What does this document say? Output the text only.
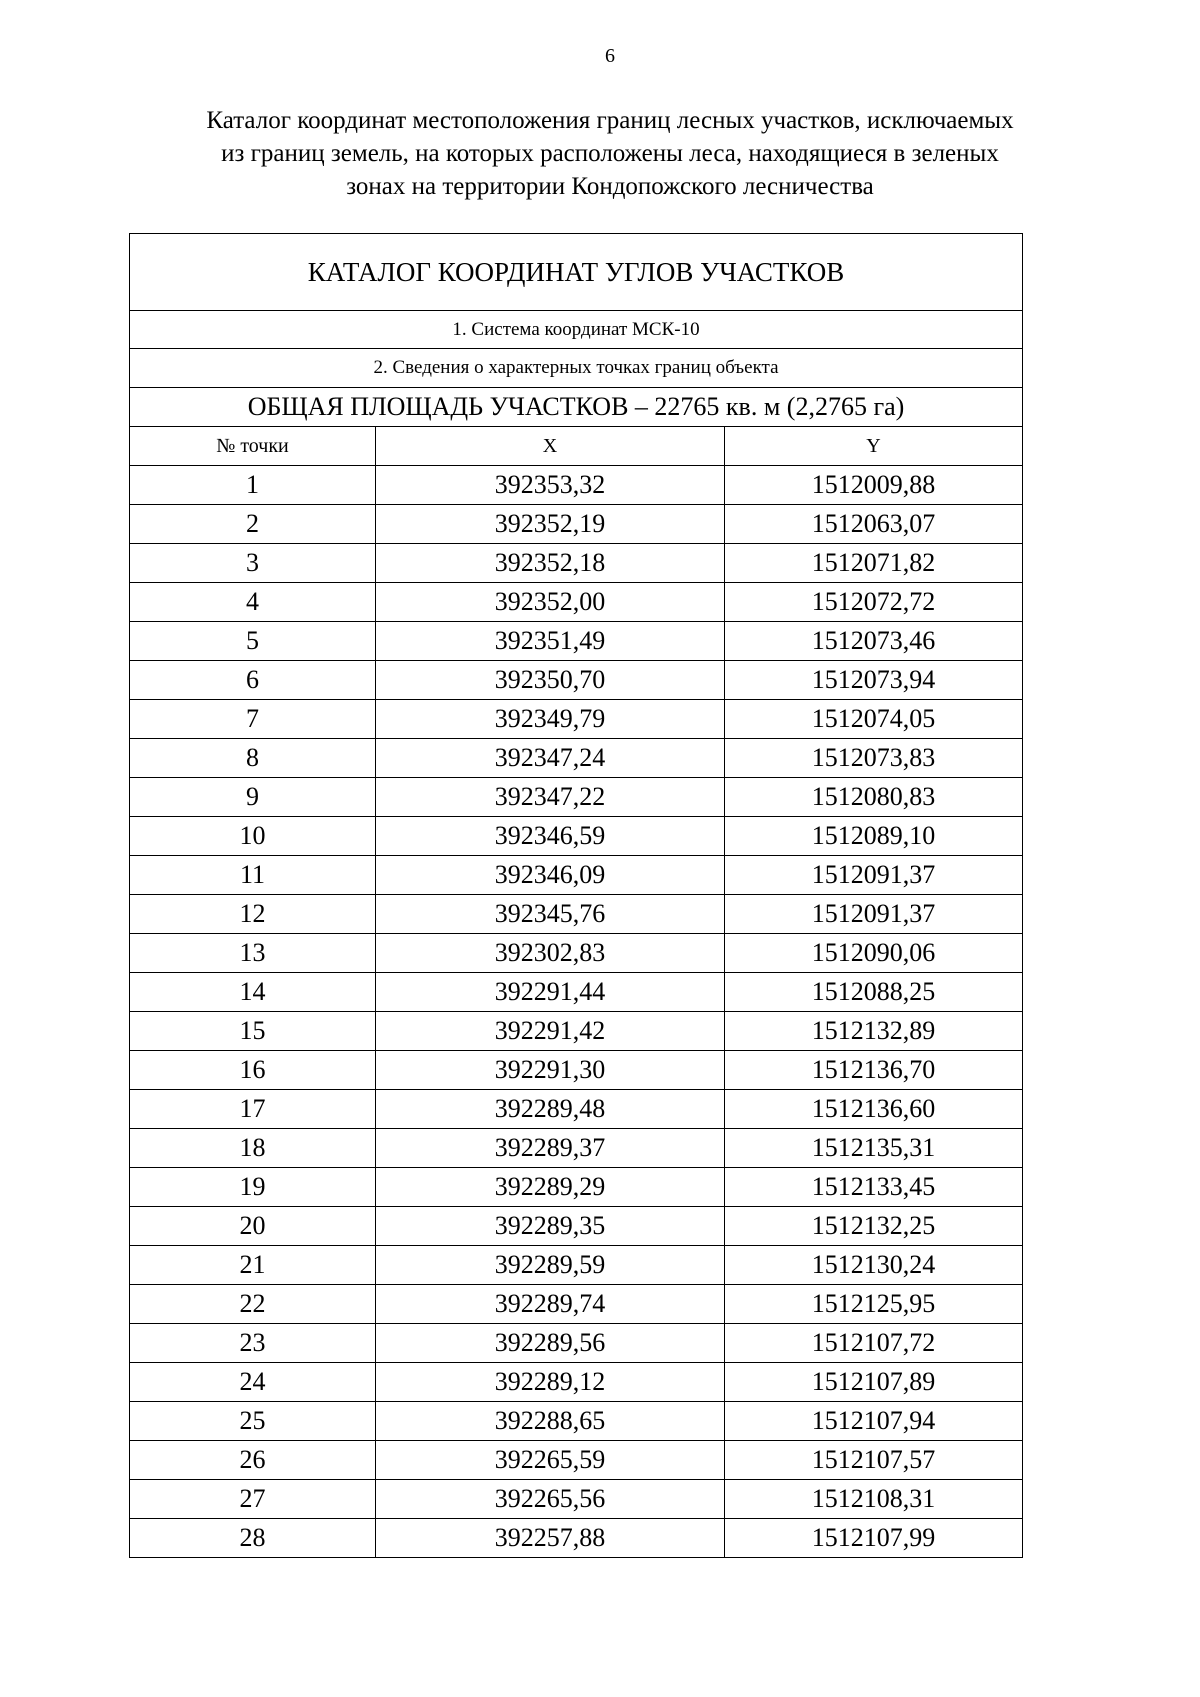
6
Каталог координат местоположения границ лесных участков, исключаемых
из границ земель, на которых расположены леса, находящиеся в зеленых
зонах на территории Кондопожского лесничества
КАТАЛОГ КООРДИНАТ УГЛОВ УЧАСТКОВ		
1. Система координат МСК-10		
2. Сведения о характерных точках границ объекта		
ОБЩАЯ ПЛОЩАДЬ УЧАСТКОВ – 22765 кв. м (2,2765 га)		
№ точки	X	Y
1	392353,32	1512009,88
2	392352,19	1512063,07
3	392352,18	1512071,82
4	392352,00	1512072,72
5	392351,49	1512073,46
6	392350,70	1512073,94
7	392349,79	1512074,05
8	392347,24	1512073,83
9	392347,22	1512080,83
10	392346,59	1512089,10
11	392346,09	1512091,37
12	392345,76	1512091,37
13	392302,83	1512090,06
14	392291,44	1512088,25
15	392291,42	1512132,89
16	392291,30	1512136,70
17	392289,48	1512136,60
18	392289,37	1512135,31
19	392289,29	1512133,45
20	392289,35	1512132,25
21	392289,59	1512130,24
22	392289,74	1512125,95
23	392289,56	1512107,72
24	392289,12	1512107,89
25	392288,65	1512107,94
26	392265,59	1512107,57
27	392265,56	1512108,31
28	392257,88	1512107,99
